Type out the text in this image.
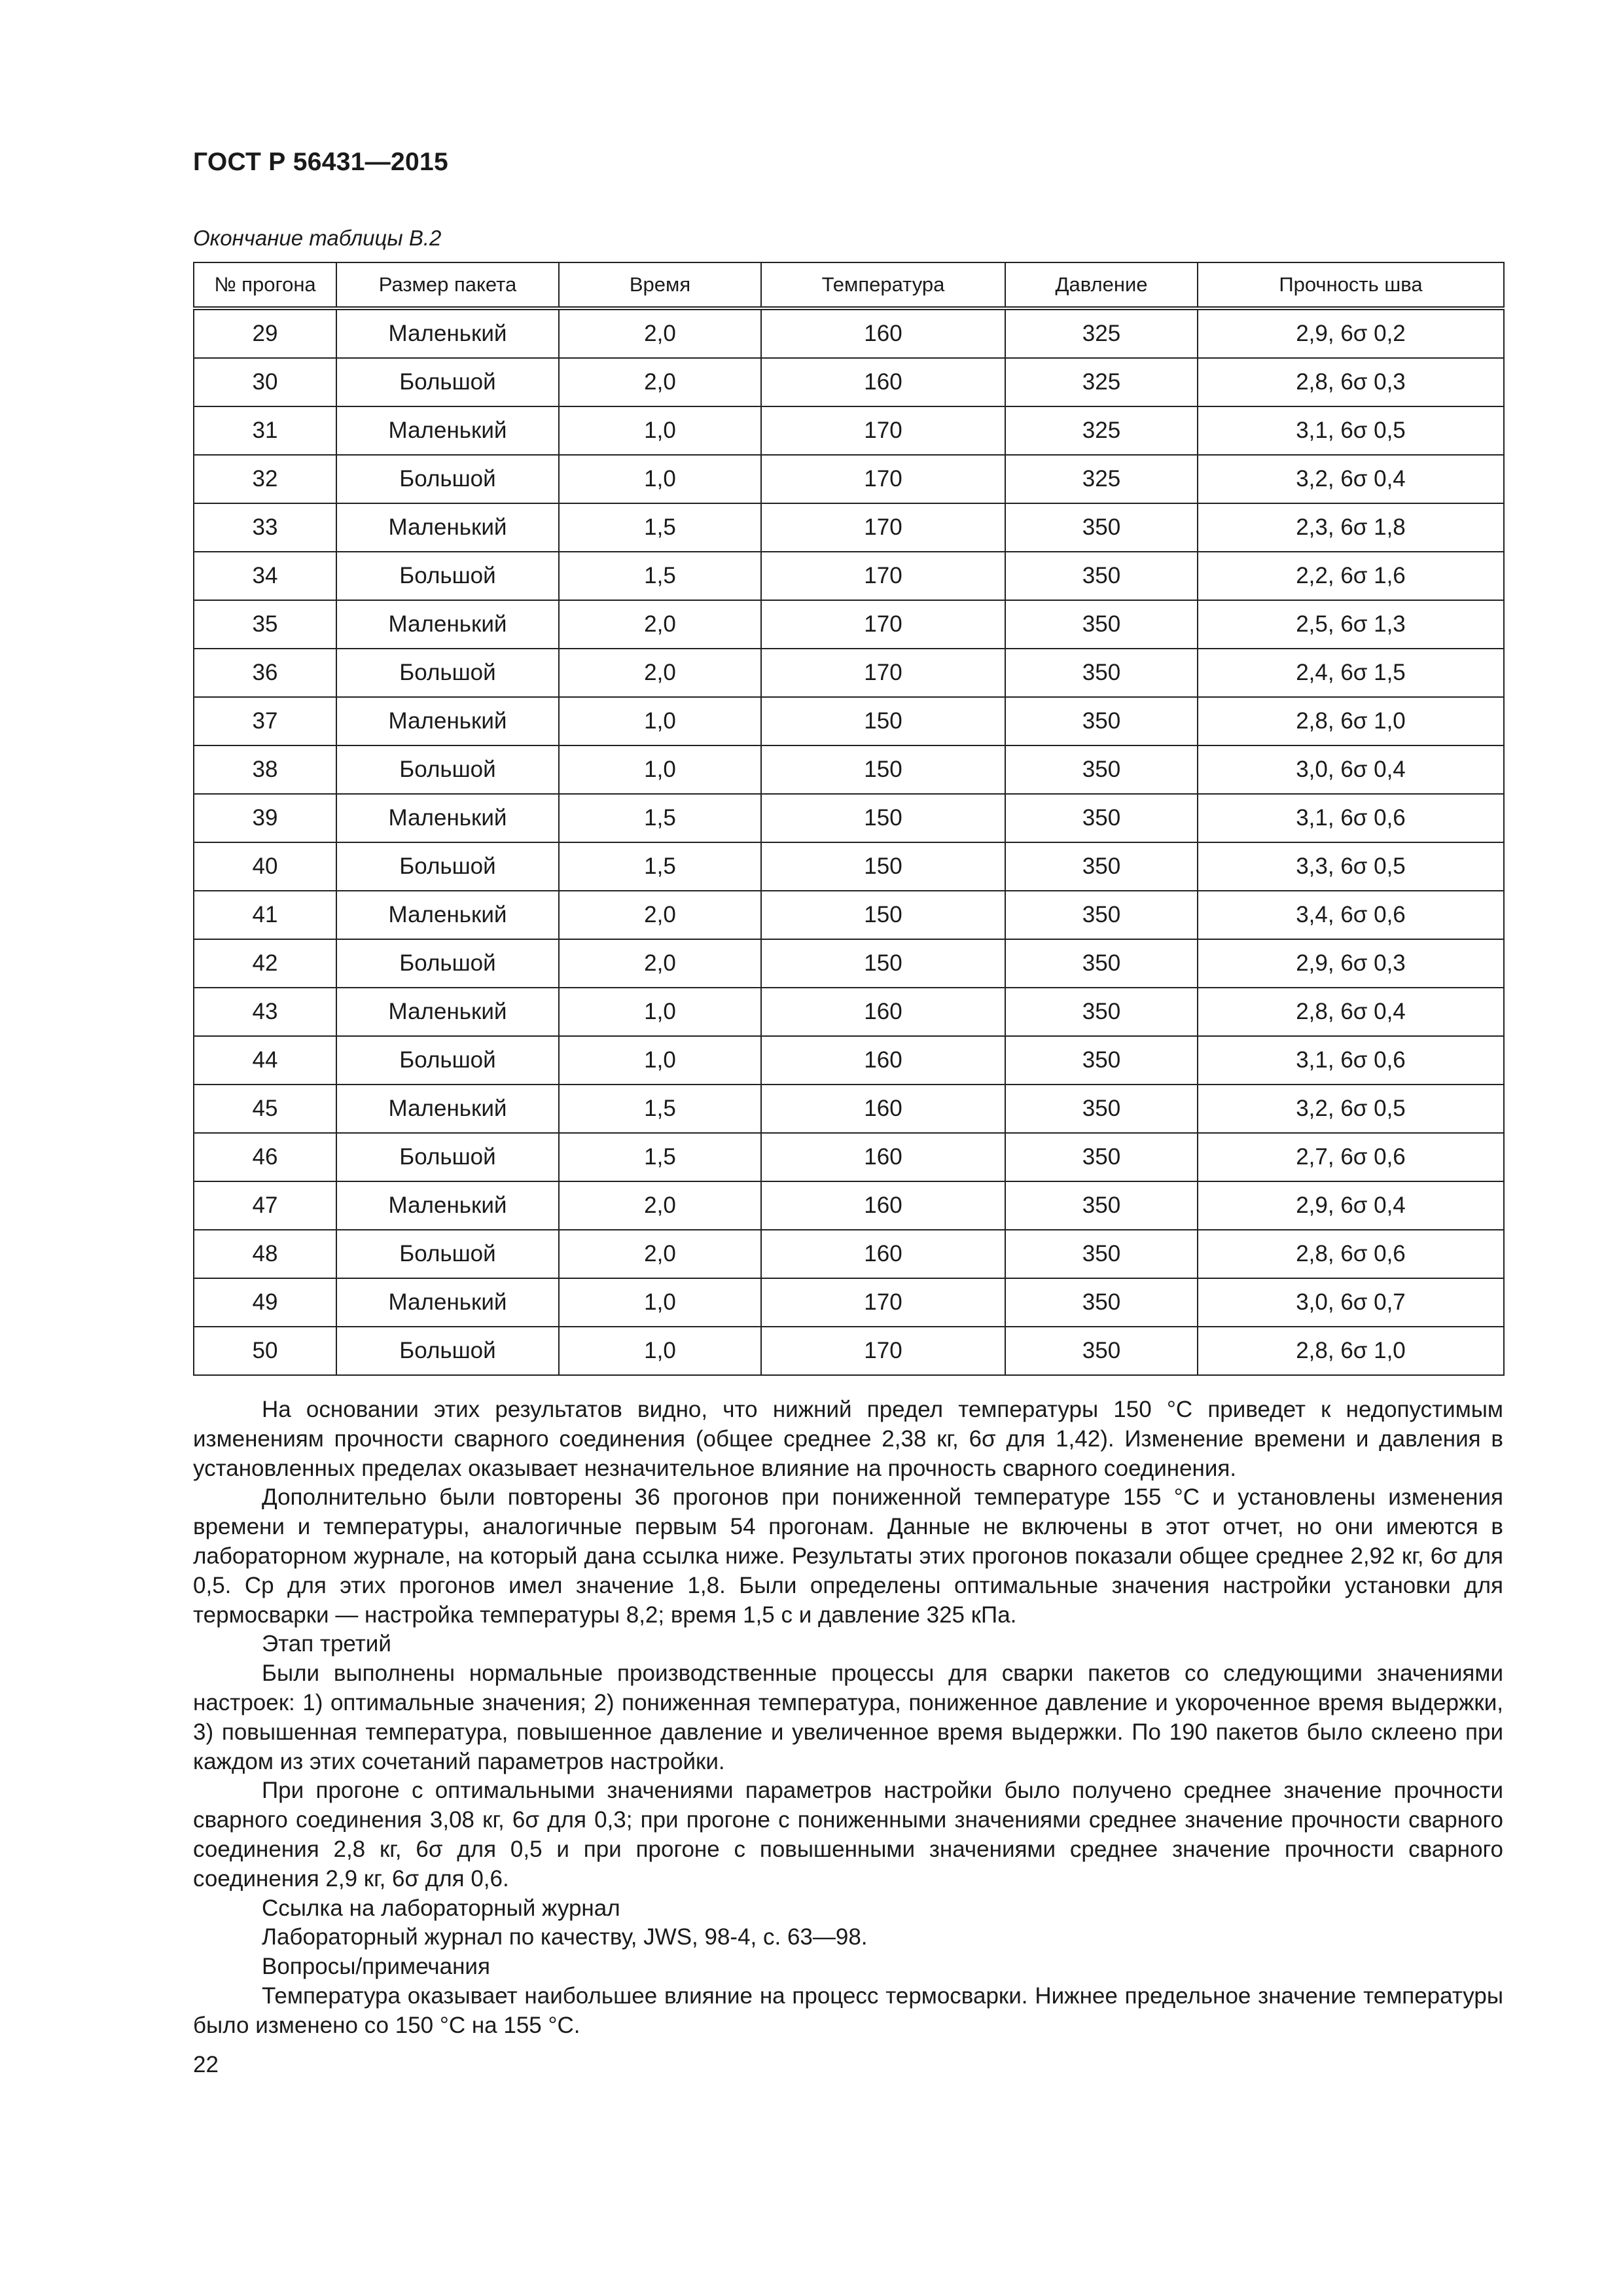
ГОСТ Р 56431—2015
Окончание таблицы В.2
№ прогона	Размер пакета	Время	Температура	Давление	Прочность шва
29	Маленький	2,0	160	325	2,9, 6σ 0,2
30	Большой	2,0	160	325	2,8, 6σ 0,3
31	Маленький	1,0	170	325	3,1, 6σ 0,5
32	Большой	1,0	170	325	3,2, 6σ 0,4
33	Маленький	1,5	170	350	2,3, 6σ 1,8
34	Большой	1,5	170	350	2,2, 6σ 1,6
35	Маленький	2,0	170	350	2,5, 6σ 1,3
36	Большой	2,0	170	350	2,4, 6σ 1,5
37	Маленький	1,0	150	350	2,8, 6σ 1,0
38	Большой	1,0	150	350	3,0, 6σ 0,4
39	Маленький	1,5	150	350	3,1, 6σ 0,6
40	Большой	1,5	150	350	3,3, 6σ 0,5
41	Маленький	2,0	150	350	3,4, 6σ 0,6
42	Большой	2,0	150	350	2,9, 6σ 0,3
43	Маленький	1,0	160	350	2,8, 6σ 0,4
44	Большой	1,0	160	350	3,1, 6σ 0,6
45	Маленький	1,5	160	350	3,2, 6σ 0,5
46	Большой	1,5	160	350	2,7, 6σ 0,6
47	Маленький	2,0	160	350	2,9, 6σ 0,4
48	Большой	2,0	160	350	2,8, 6σ 0,6
49	Маленький	1,0	170	350	3,0, 6σ 0,7
50	Большой	1,0	170	350	2,8, 6σ 1,0

На основании этих результатов видно, что нижний предел температуры 150 °C приведет к недопустимым изменениям прочности сварного соединения (общее среднее 2,38 кг, 6σ для 1,42). Изменение времени и давления в установленных пределах оказывает незначительное влияние на прочность сварного соединения.

Дополнительно были повторены 36 прогонов при пониженной температуре 155 °C и установлены изменения времени и температуры, аналогичные первым 54 прогонам. Данные не включены в этот отчет, но они имеются в лабораторном журнале, на который дана ссылка ниже. Результаты этих прогонов показали общее среднее 2,92 кг, 6σ для 0,5. Cp для этих прогонов имел значение 1,8. Были определены оптимальные значения настройки установки для термосварки — настройка температуры 8,2; время 1,5 с и давление 325 кПа.

Этап третий

Были выполнены нормальные производственные процессы для сварки пакетов со следующими значениями настроек: 1) оптимальные значения; 2) пониженная температура, пониженное давление и укороченное время выдержки, 3) повышенная температура, повышенное давление и увеличенное время выдержки. По 190 пакетов было склеено при каждом из этих сочетаний параметров настройки.

При прогоне с оптимальными значениями параметров настройки было получено среднее значение прочности сварного соединения 3,08 кг, 6σ для 0,3; при прогоне с пониженными значениями среднее значение прочности сварного соединения 2,8 кг, 6σ для 0,5 и при прогоне с повышенными значениями среднее значение прочности сварного соединения 2,9 кг, 6σ для 0,6.

Ссылка на лабораторный журнал

Лабораторный журнал по качеству, JWS, 98-4, с. 63—98.

Вопросы/примечания

Температура оказывает наибольшее влияние на процесс термосварки. Нижнее предельное значение температуры было изменено со 150 °C на 155 °C.

22
